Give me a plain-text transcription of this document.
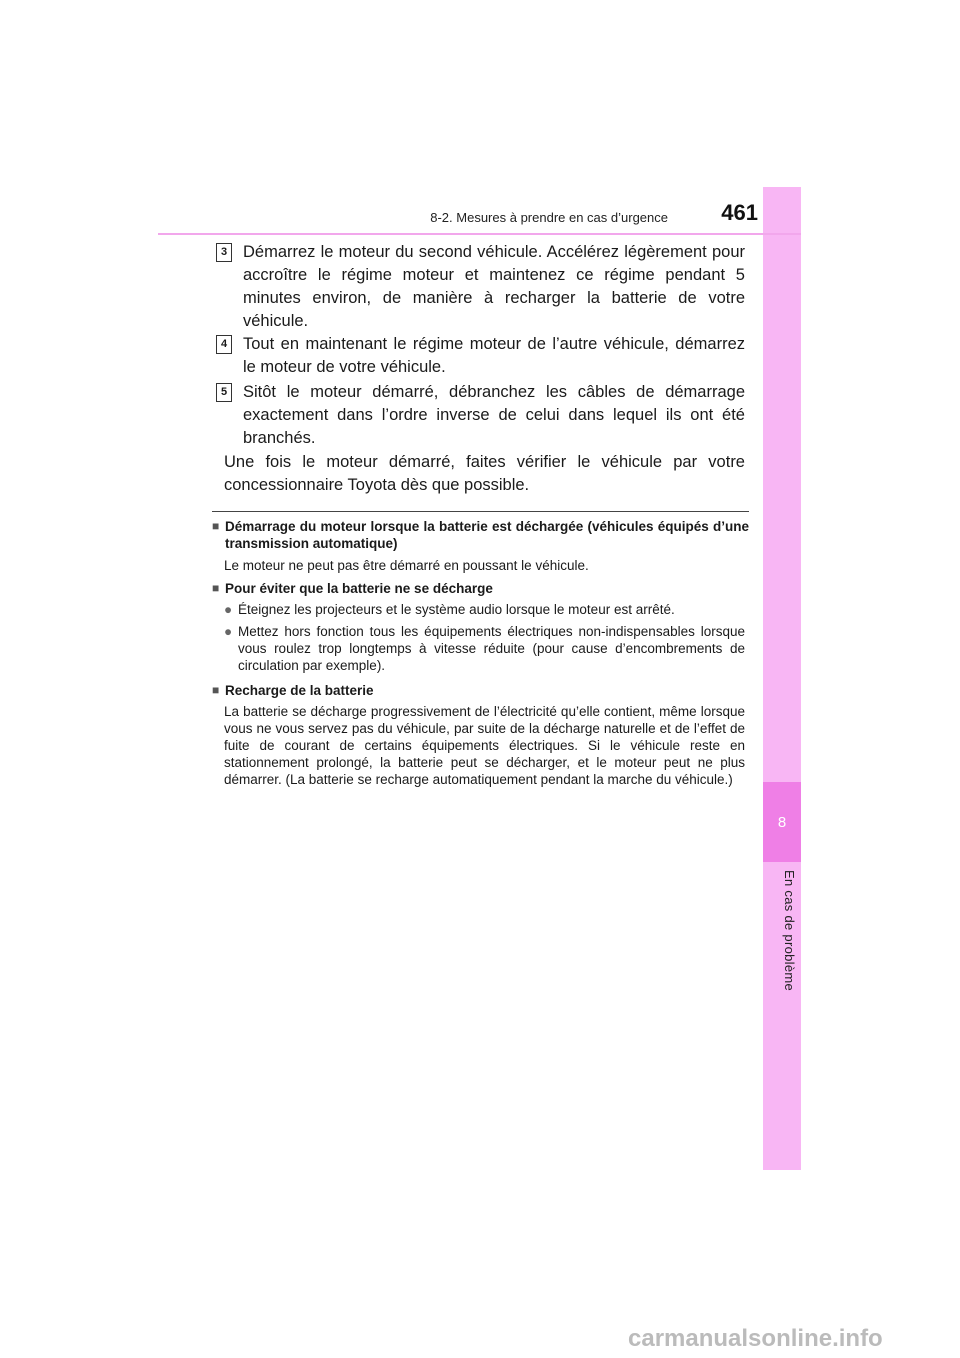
8
En cas de problème
8-2. Mesures à prendre en cas d’urgence 461
3 Démarrez le moteur du second véhicule. Accélérez légèrement pour accroître le régime moteur et maintenez ce régime pendant 5 minutes environ, de manière à recharger la batterie de votre véhicule.
4 Tout en maintenant le régime moteur de l’autre véhicule, démarrez le moteur de votre véhicule.
5 Sitôt le moteur démarré, débranchez les câbles de démarrage exactement dans l’ordre inverse de celui dans lequel ils ont été branchés.
Une fois le moteur démarré, faites vérifier le véhicule par votre concessionnaire Toyota dès que possible.
■ Démarrage du moteur lorsque la batterie est déchargée (véhicules équipés d’une transmission automatique)
Le moteur ne peut pas être démarré en poussant le véhicule.
■ Pour éviter que la batterie ne se décharge
● Éteignez les projecteurs et le système audio lorsque le moteur est arrêté.
● Mettez hors fonction tous les équipements électriques non-indispensables lorsque vous roulez trop longtemps à vitesse réduite (pour cause d’encombrements de circulation par exemple).
■ Recharge de la batterie
La batterie se décharge progressivement de l’électricité qu’elle contient, même lorsque vous ne vous servez pas du véhicule, par suite de la décharge naturelle et de l’effet de fuite de courant de certains équipements électriques. Si le véhicule reste en stationnement prolongé, la batterie peut se décharger, et le moteur peut ne plus démarrer. (La batterie se recharge automatiquement pendant la marche du véhicule.)
carmanualsonline.info
